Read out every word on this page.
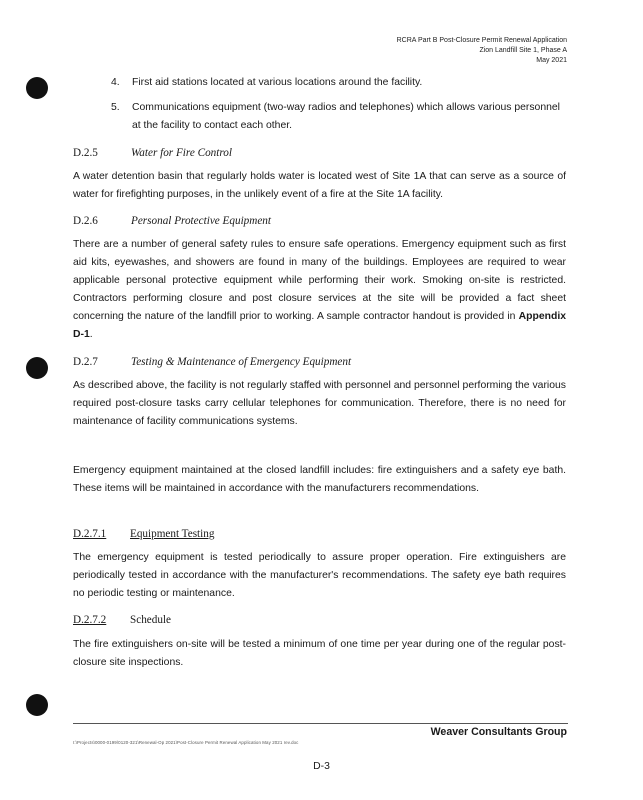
RCRA Part B Post-Closure Permit Renewal Application
Zion Landfill Site 1, Phase A
May 2021
4.	First aid stations located at various locations around the facility.
5.	Communications equipment (two-way radios and telephones) which allows various personnel at the facility to contact each other.
D.2.5	Water for Fire Control
A water detention basin that regularly holds water is located west of Site 1A that can serve as a source of water for firefighting purposes, in the unlikely event of a fire at the Site 1A facility.
D.2.6	Personal Protective Equipment
There are a number of general safety rules to ensure safe operations. Emergency equipment such as first aid kits, eyewashes, and showers are found in many of the buildings. Employees are required to wear applicable personal protective equipment while performing their work. Smoking on-site is restricted. Contractors performing closure and post closure services at the site will be provided a fact sheet concerning the nature of the landfill prior to working. A sample contractor handout is provided in Appendix D-1.
D.2.7	Testing & Maintenance of Emergency Equipment
As described above, the facility is not regularly staffed with personnel and personnel performing the various required post-closure tasks carry cellular telephones for communication. Therefore, there is no need for maintenance of facility communications systems.
Emergency equipment maintained at the closed landfill includes: fire extinguishers and a safety eye bath. These items will be maintained in accordance with the manufacturers recommendations.
D.2.7.1 Equipment Testing
The emergency equipment is tested periodically to assure proper operation. Fire extinguishers are periodically tested in accordance with the manufacturer's recommendations. The safety eye bath requires no periodic testing or maintenance.
D.2.7.2 Schedule
The fire extinguishers on-site will be tested a minimum of one time per year during one of the regular post-closure site inspections.
Weaver Consultants Group
I:\Projects\0000-0199\0120-321\Renewal-Op 2021\Post-Closure Permit Renewal Application May 2021 rev.doc
D-3
